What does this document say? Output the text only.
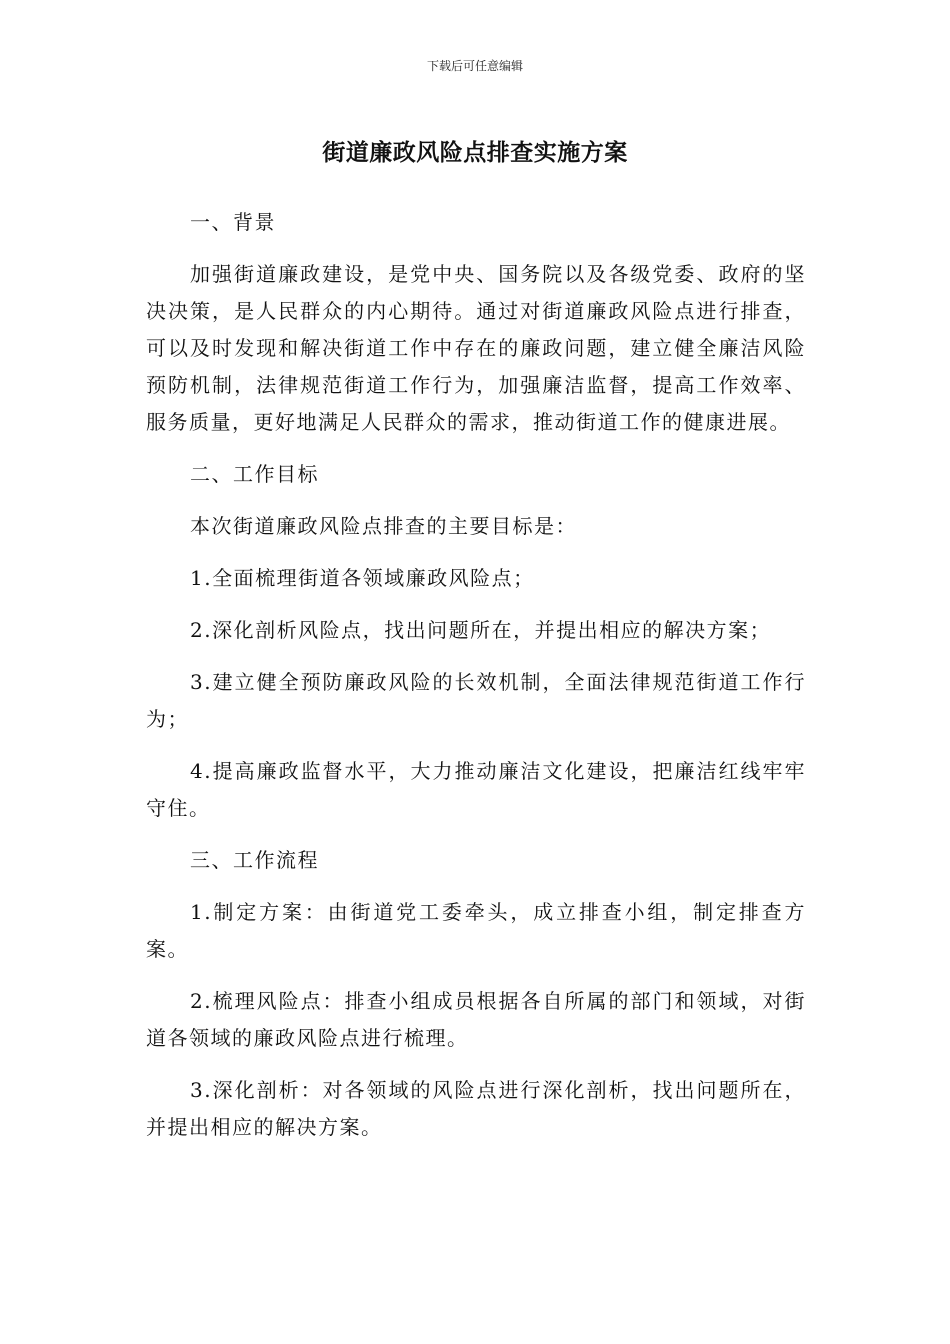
下载后可任意编辑
街道廉政风险点排查实施方案

一、背景

加强街道廉政建设，是党中央、国务院以及各级党委、政府的坚决决策，是人民群众的内心期待。通过对街道廉政风险点进行排查，可以及时发现和解决街道工作中存在的廉政问题，建立健全廉洁风险预防机制，法律规范街道工作行为，加强廉洁监督，提高工作效率、服务质量，更好地满足人民群众的需求，推动街道工作的健康进展。

二、工作目标

本次街道廉政风险点排查的主要目标是：

1.全面梳理街道各领域廉政风险点；

2.深化剖析风险点，找出问题所在，并提出相应的解决方案；

3.建立健全预防廉政风险的长效机制，全面法律规范街道工作行为；

4.提高廉政监督水平，大力推动廉洁文化建设，把廉洁红线牢牢守住。

三、工作流程

1.制定方案：由街道党工委牵头，成立排查小组，制定排查方案。

2.梳理风险点：排查小组成员根据各自所属的部门和领域，对街道各领域的廉政风险点进行梳理。

3.深化剖析：对各领域的风险点进行深化剖析，找出问题所在，并提出相应的解决方案。
